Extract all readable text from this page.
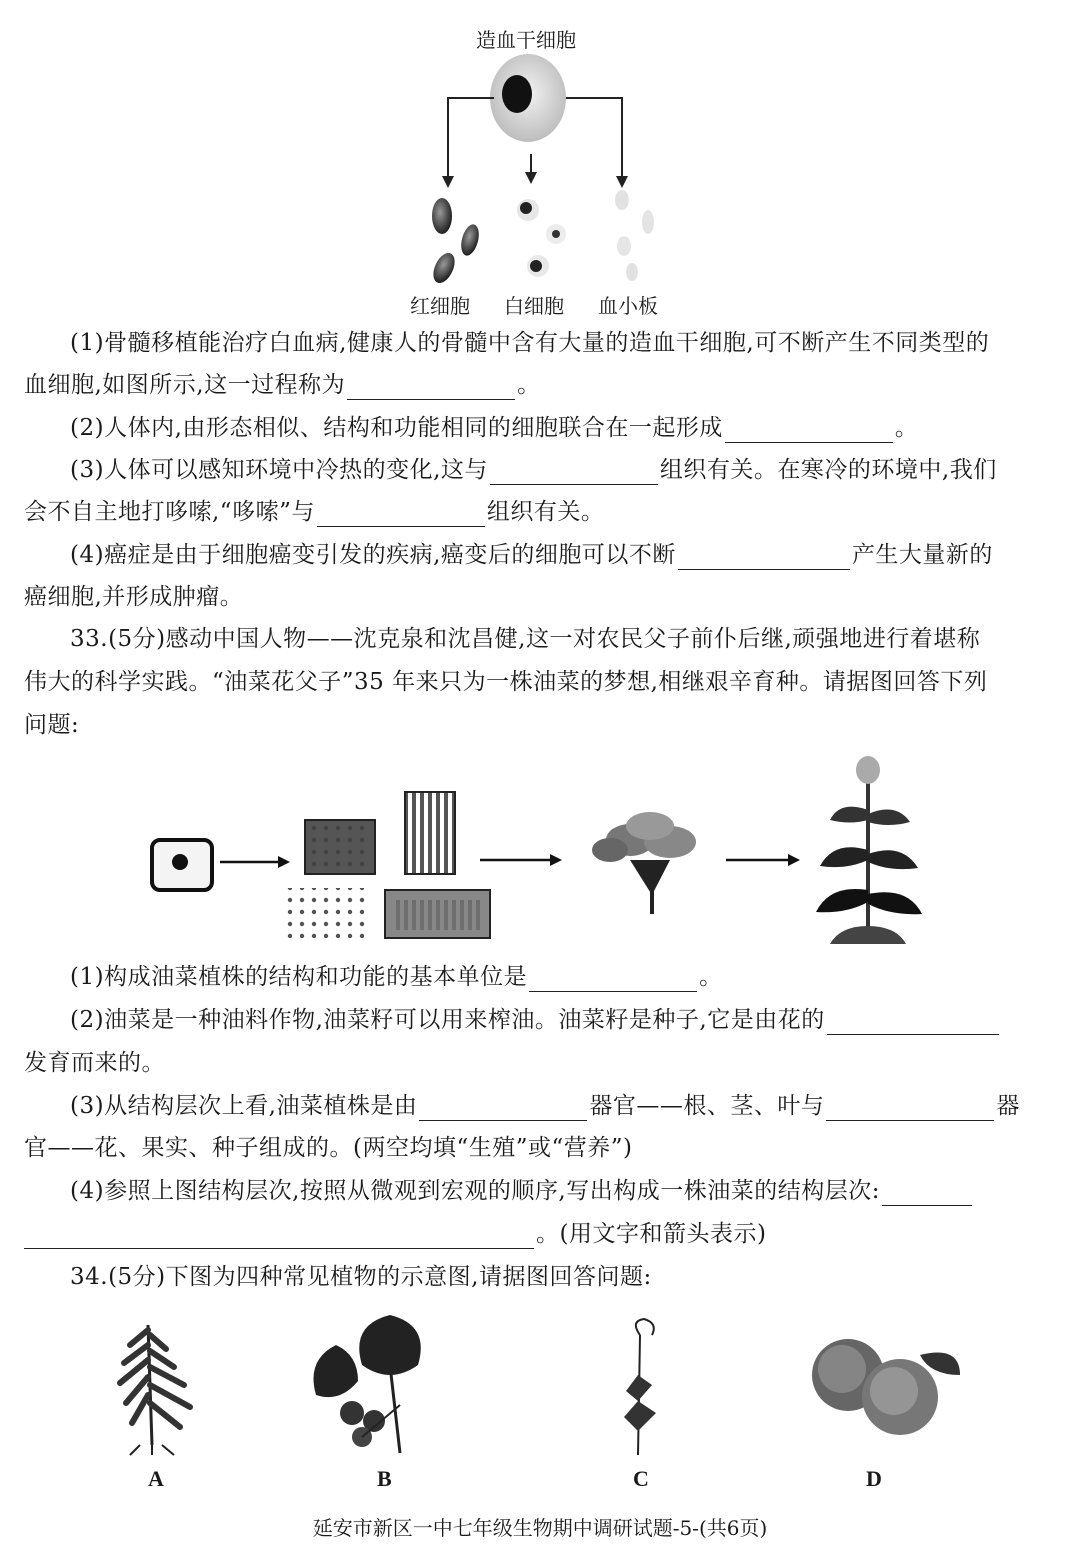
造血干细胞
红细胞 白细胞 血小板
(1)骨髓移植能治疗白血病,健康人的骨髓中含有大量的造血干细胞,可不断产生不同类型的
血细胞,如图所示,这一过程称为	。
(2)人体内,由形态相似、结构和功能相同的细胞联合在一起形成	。
(3)人体可以感知环境中冷热的变化,这与	组织有关。在寒冷的环境中,我们
会不自主地打哆嗦,“哆嗦”与	组织有关。
(4)癌症是由于细胞癌变引发的疾病,癌变后的细胞可以不断	产生大量新的
癌细胞,并形成肿瘤。
33.(5分)感动中国人物——沈克泉和沈昌健,这一对农民父子前仆后继,顽强地进行着堪称
伟大的科学实践。“油菜花父子”35 年来只为一株油菜的梦想,相继艰辛育种。请据图回答下列
问题:
(1)构成油菜植株的结构和功能的基本单位是	。
(2)油菜是一种油料作物,油菜籽可以用来榨油。油菜籽是种子,它是由花的
发育而来的。
(3)从结构层次上看,油菜植株是由	器官——根、茎、叶与	器
官——花、果实、种子组成的。(两空均填“生殖”或“营养”)
(4)参照上图结构层次,按照从微观到宏观的顺序,写出构成一株油菜的结构层次:
。(用文字和箭头表示)
34.(5分)下图为四种常见植物的示意图,请据图回答问题:
A	B	C	D
延安市新区一中七年级生物期中调研试题-5-(共6页)
